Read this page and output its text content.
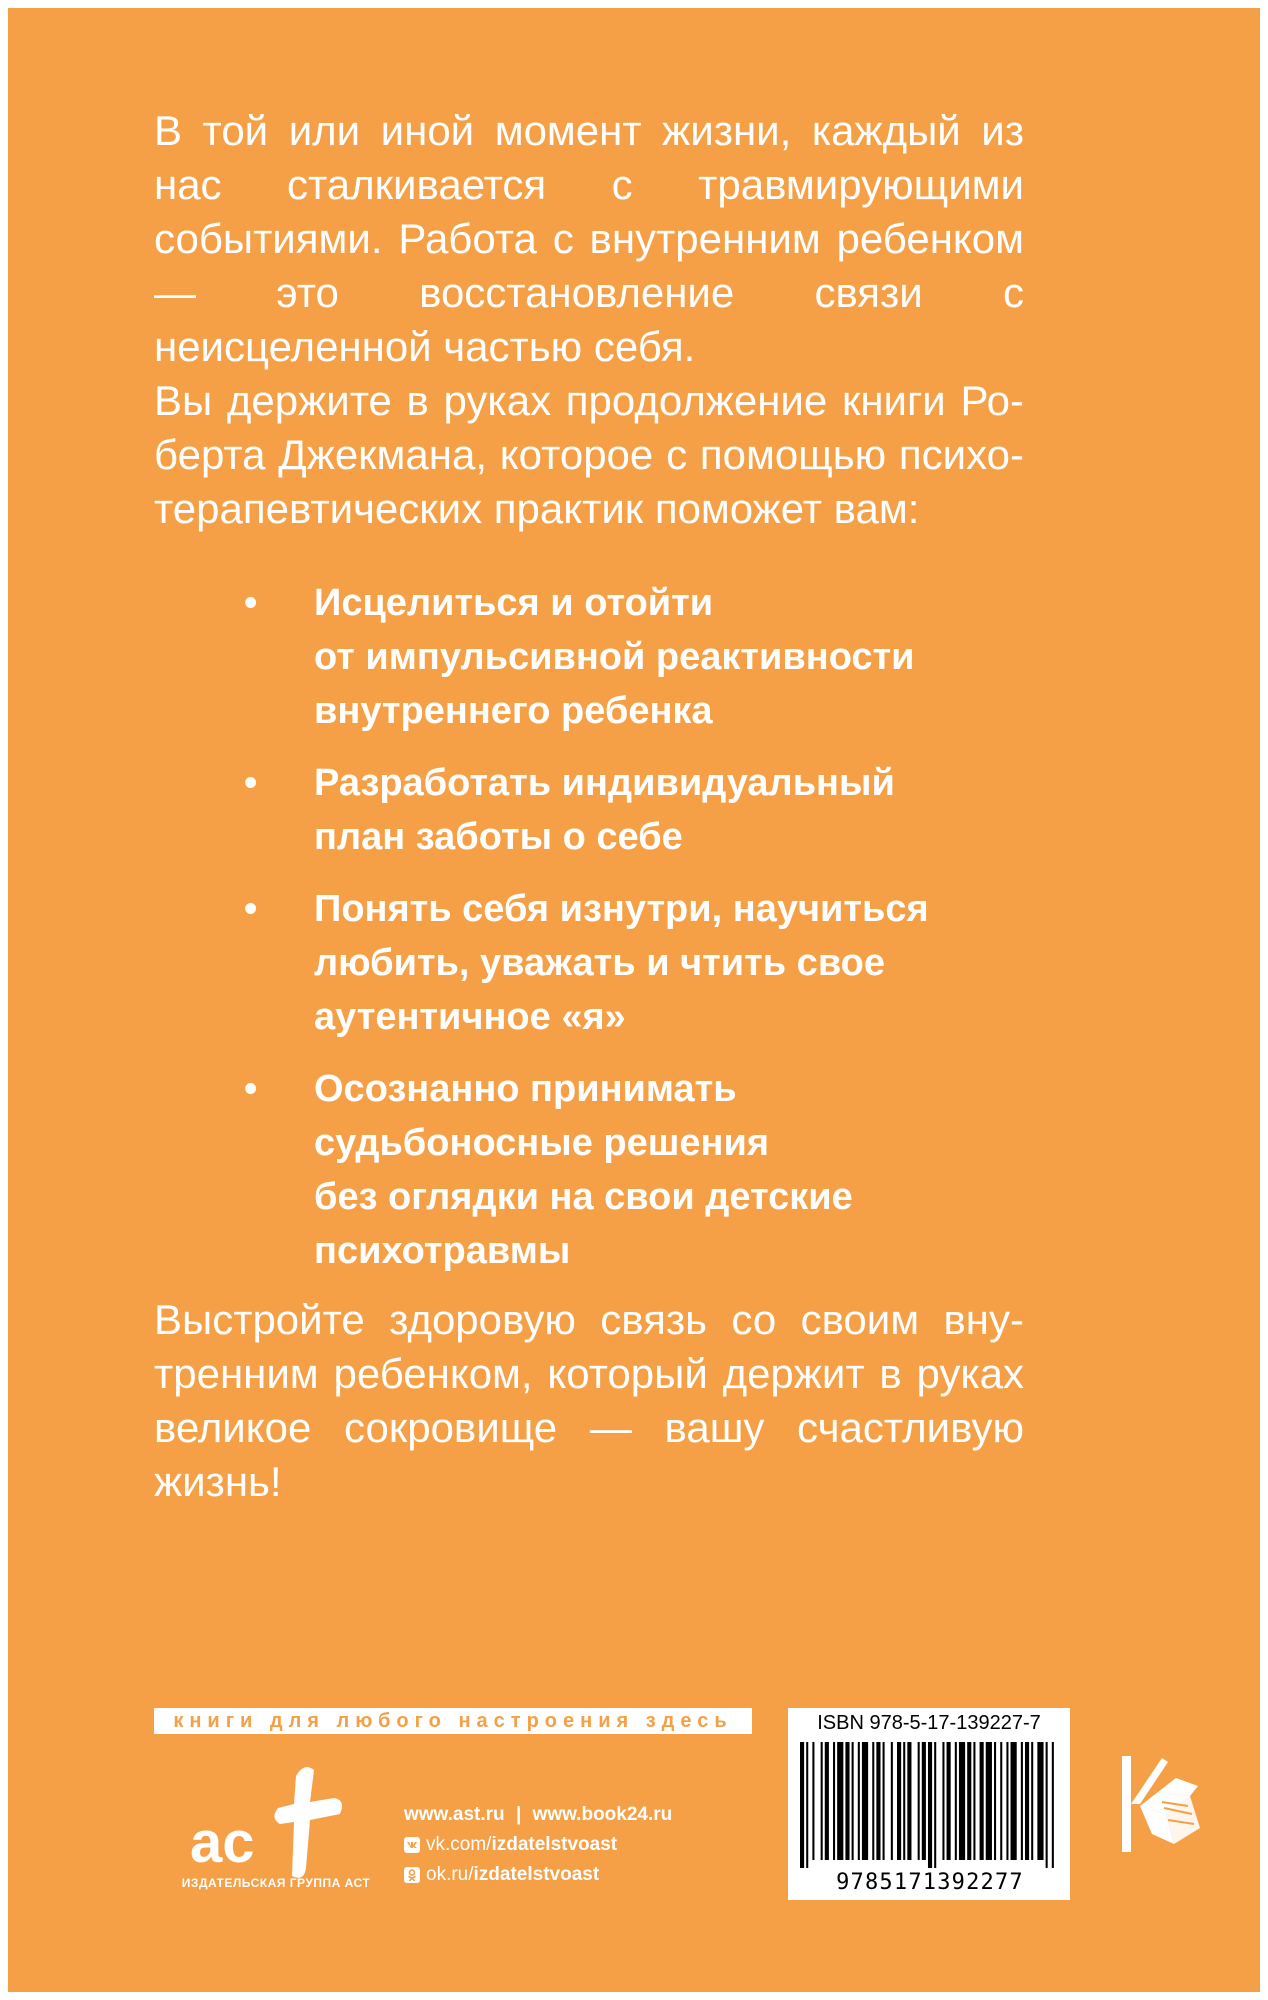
В той или иной момент жизни, каждый из нас сталкивается с травмирующими событиями. Работа с внутренним ребенком — это восстановление связи с неисцеленной частью себя.

Вы держите в руках продолжение книги Роберта Джекмана, которое с помощью психотерапевтических практик поможет вам:

• Исцелиться и отойти
от импульсивной реактивности
внутреннего ребенка
• Разработать индивидуальный
план заботы о себе
• Понять себя изнутри, научиться
любить, уважать и чтить свое
аутентичное «я»
• Осознанно принимать
судьбоносные решения
без оглядки на свои детские
психотравмы

Выстройте здоровую связь со своим внутренним ребенком, который держит в руках великое сокровище — вашу счастливую жизнь!

книги для любого настроения здесь
ac
ИЗДАТЕЛЬСКАЯ ГРУППА АСТ
www.ast.ru | www.book24.ru
vk.com/izdatelstvoast
ok.ru/izdatelstvoast
ISBN 978-5-17-139227-7
9785171392277
